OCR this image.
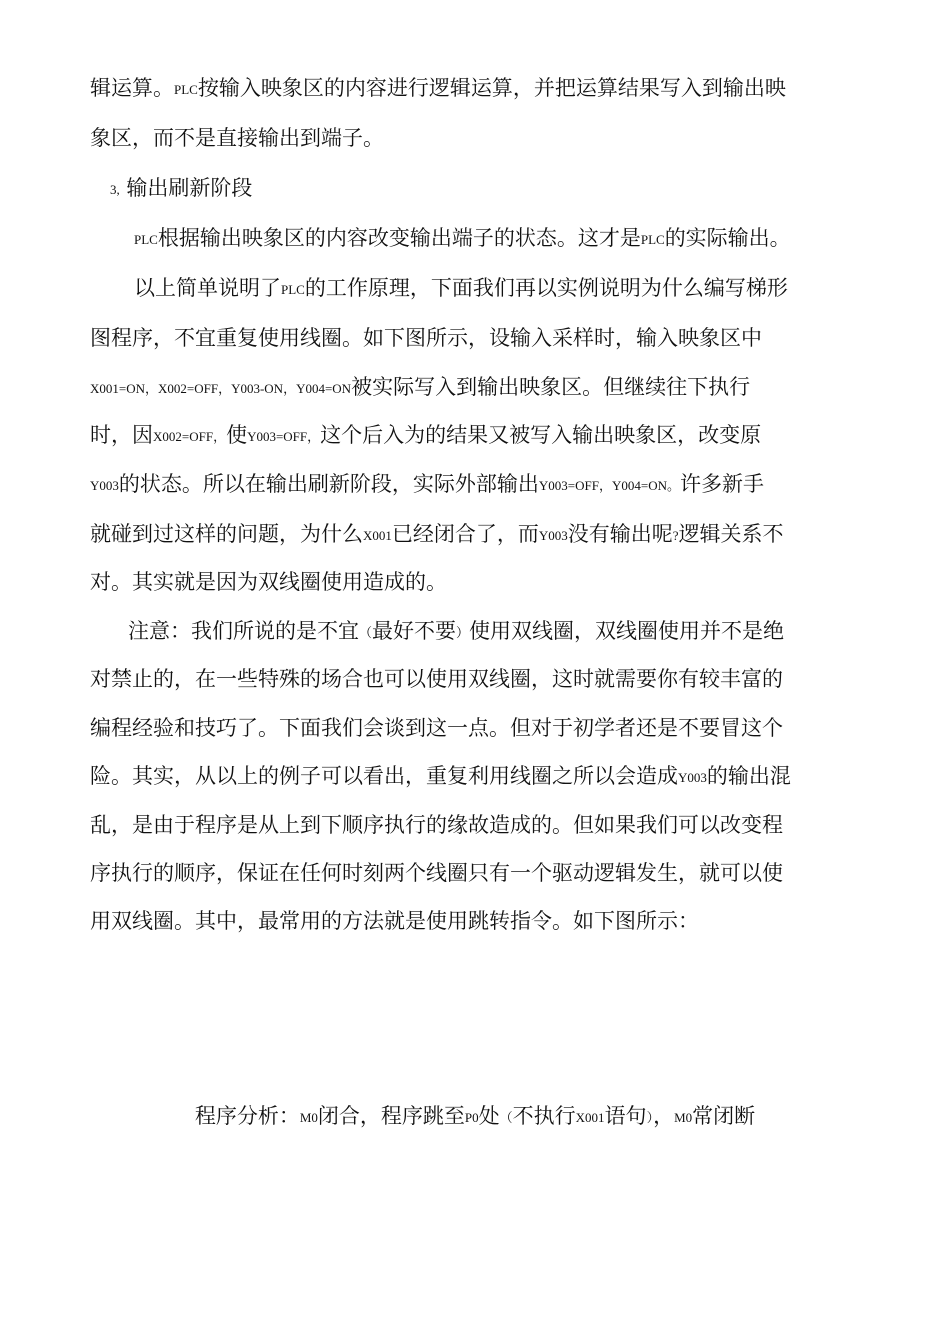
辑运算。PLC按输入映象区的内容进行逻辑运算，并把运算结果写入到输出映
象区，而不是直接输出到端子。
3, 输出刷新阶段
PLC根据输出映象区的内容改变输出端子的状态。这才是PLC的实际输出。
以上简单说明了PLC的工作原理，下面我们再以实例说明为什么编写梯形
图程序，不宜重复使用线圈。如下图所示，设输入采样时，输入映象区中
X001=ON，X002=OFF，Y003-ON，Y004=ON被实际写入到输出映象区。但继续往下执行
时，因X002=OFF，使Y003=OFF，这个后入为的结果又被写入输出映象区，改变原
Y003的状态。所以在输出刷新阶段，实际外部输出Y003=OFF，Y004=ON。许多新手
就碰到过这样的问题，为什么X001已经闭合了，而Y003没有输出呢?逻辑关系不
对。其实就是因为双线圈使用造成的。
注意：我们所说的是不宜（最好不要）使用双线圈，双线圈使用并不是绝
对禁止的，在一些特殊的场合也可以使用双线圈，这时就需要你有较丰富的
编程经验和技巧了。下面我们会谈到这一点。但对于初学者还是不要冒这个
险。其实，从以上的例子可以看出，重复利用线圈之所以会造成Y003的输出混
乱，是由于程序是从上到下顺序执行的缘故造成的。但如果我们可以改变程
序执行的顺序，保证在任何时刻两个线圈只有一个驱动逻辑发生，就可以使
用双线圈。其中，最常用的方法就是使用跳转指令。如下图所示：
程序分析：M0闭合，程序跳至P0处（不执行X001语句），M0常闭断
